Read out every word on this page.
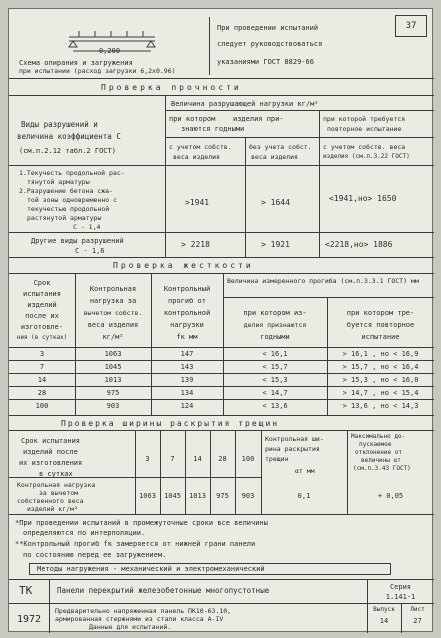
37
При проведении испытаний
следует руководствоваться
указаниями ГОСТ 8829-66
0,200
Схема опирания и загружения
при испытании (расход загрузки 6,2х0.96)
Проверка прочности
Виды разрушений и
величина коэффициента С
(см.п.2.12 табл.2 ГОСТ)
Величина разрушающей нагрузки кг/м²
при котором	изделия при-
знаются годными
при которой требуется
повторное испытание
с учетом собств.
веса изделия
без учета собст.
веса изделия
с учетом собств. веса
изделия (см.п.3.22 ГОСТ)
1.Текучесть продольной рас-
тянутой арматуры
2.Разрушение бетона сжа-
той зоны одновременно с
текучестью продольной
растянутой арматуры
С - 1,4
>1941	> 1644	<1941,но> 1650
Другие виды разрушений
С - 1,6
> 2218	> 1921	<2218,но> 1886
Проверка жесткости
Срок
испытания
изделий
после их
изготовле-
ния (в сутках)
Контрольная
нагрузка за
вычетом собств.
веса изделия
кг/м²
Контрольный
прогиб от
контрольной
нагрузки
fк мм
Величина измеренного прогиба (см.п.3.3.1 ГОСТ) мм
при котором из-
делия признаются
годными
при котором тре-
буется повторное
испытание
3	1063	147	< 16,1	> 16,1 , но < 16,9
7	1045	143	< 15,7	> 15,7 , но < 16,4
14	1013	139	< 15,3	> 15,3 , но < 16,0
28	975	134	< 14,7	> 14,7 , но < 15,4
100	903	124	< 13,6	> 13,6 , но < 14,3
Проверка ширины раскрытия трещин
Срок испытания
изделий после
их изготовления
в сутках
3	7	14	28	100
Контрольная ши-
рина раскрытия
трещин
αт мм
Максимально до-
пускаемое
отклонение от
величины αт
(см.п.3.43 ГОСТ)
Контрольная нагрузка
за вычетом
собственного веса
изделий кг/м²
1063	1045	1013	975	903	0,1	+ 0,05
*При проведении испытаний в промежуточные сроки все величины
определяются по интерполяции.
**Контрольный прогиб fк замеряется от нижней грани панели
по состоянию перед ее загружением.
Методы нагружения - механический и электромеханический
ТК	Панели перекрытий железобетонные многопустотные	Серия
1.141-1
1972
Предварительно напряженная панель ПК10-63.10,
армированная стержнями из стали класса А-IV
Данные для испытаний.
Выпуск
14
Лист
27
